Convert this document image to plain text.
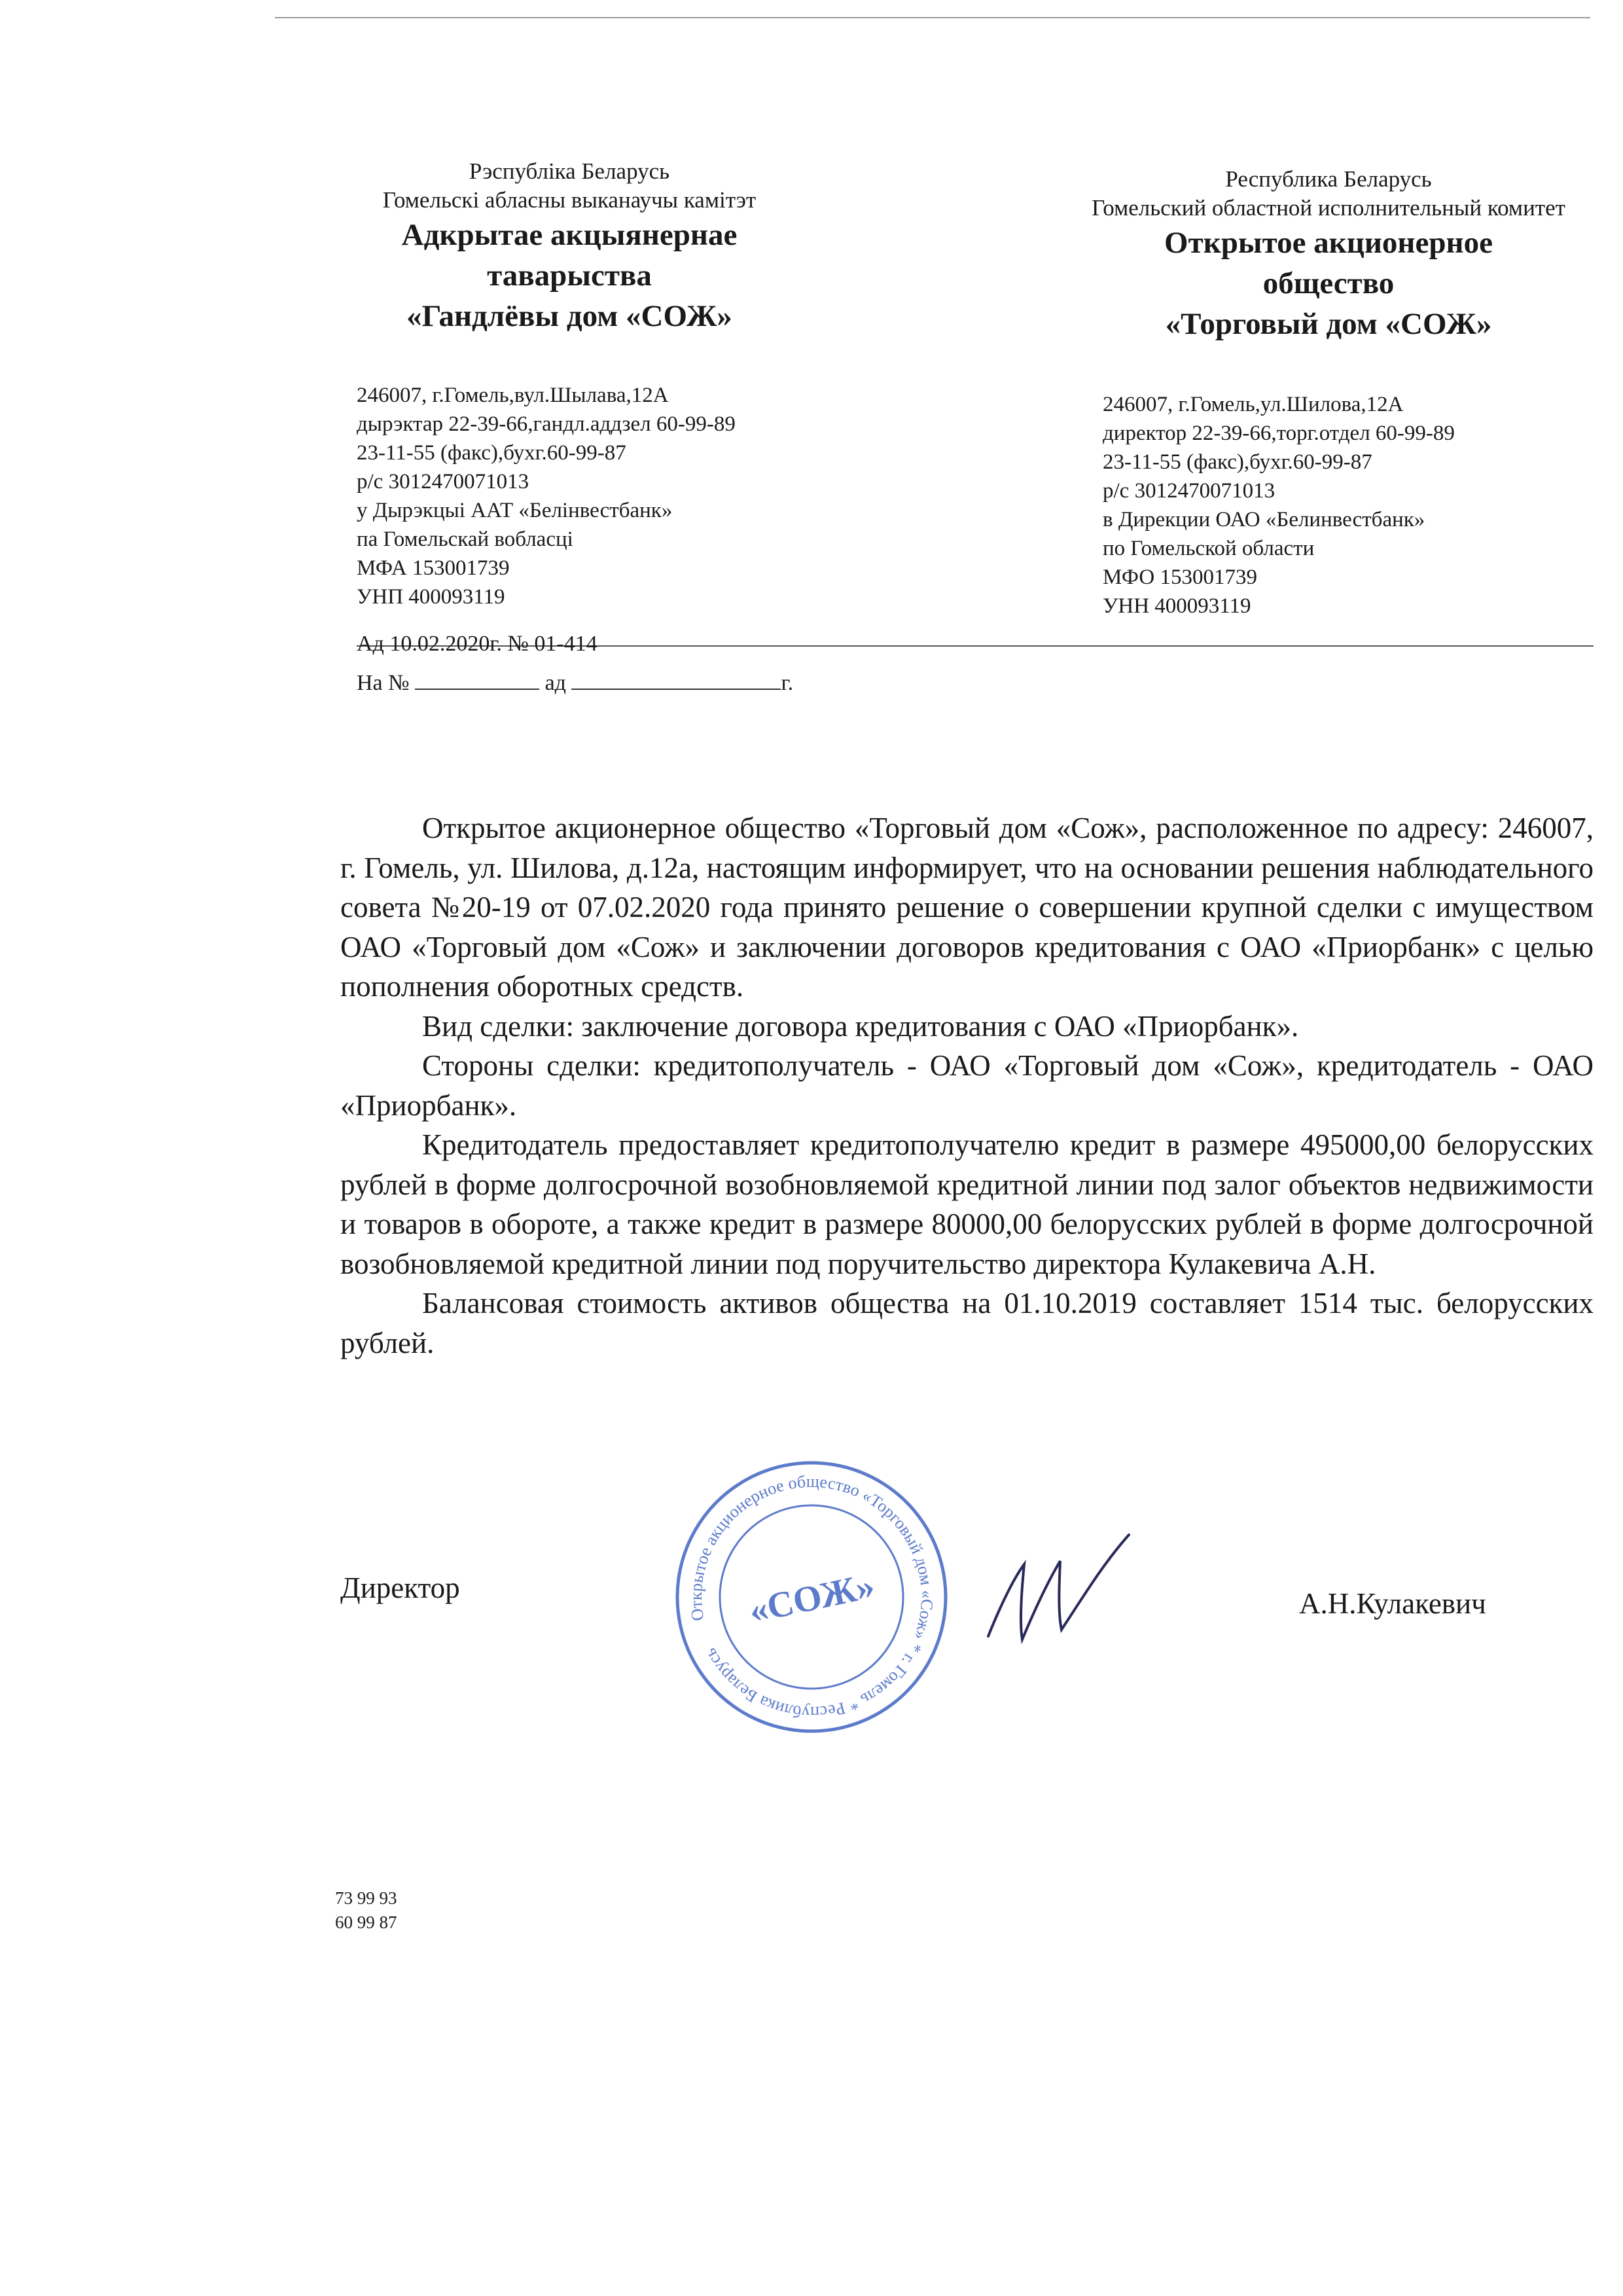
Рэспубліка Беларусь
Гомельскі абласны выканаучы камітэт
Адкрытае акцыянернае
таварыства
«Гандлёвы дом «СОЖ»
Республика Беларусь
Гомельский областной исполнительный комитет
Открытое акционерное
общество
«Торговый дом «СОЖ»
246007, г.Гомель,вул.Шылава,12А
дырэктар 22-39-66,гандл.аддзел 60-99-89
23-11-55 (факс),бухг.60-99-87
р/с 3012470071013
у Дырэкцыі ААТ «Белінвестбанк»
па Гомельскай вобласці
МФА 153001739
УНП 400093119
246007, г.Гомель,ул.Шилова,12А
директор 22-39-66,торг.отдел 60-99-89
23-11-55 (факс),бухг.60-99-87
р/с 3012470071013
в Дирекции ОАО «Белинвестбанк»
по Гомельской области
МФО 153001739
УНН 400093119
Ад 10.02.2020г. № 01-414
На №	ад	г.

Открытое акционерное общество «Торговый дом «Сож», расположенное по адресу: 246007, г. Гомель, ул. Шилова, д.12а, настоящим информирует, что на основании решения наблюдательного совета №20-19 от 07.02.2020 года принято решение о совершении крупной сделки с имуществом ОАО «Торговый дом «Сож» и заключении договоров кредитования с ОАО «Приорбанк» с целью пополнения оборотных средств.

Вид сделки: заключение договора кредитования с ОАО «Приорбанк».

Стороны сделки: кредитополучатель - ОАО «Торговый дом «Сож», кредитодатель - ОАО «Приорбанк».

Кредитодатель предоставляет кредитополучателю кредит в размере 495000,00 белорусских рублей в форме долгосрочной возобновляемой кредитной линии под залог объектов недвижимости и товаров в обороте, а также кредит в размере 80000,00 белорусских рублей в форме долгосрочной возобновляемой кредитной линии под поручительство директора Кулакевича А.Н.

Балансовая стоимость активов общества на 01.10.2019 составляет 1514 тыс. белорусских рублей.

Открытое акционерное общество «Торговый дом «Сож» * г. Гомель * Республика Беларусь
«СОЖ»
Директор	А.Н.Кулакевич
73 99 93
60 99 87
